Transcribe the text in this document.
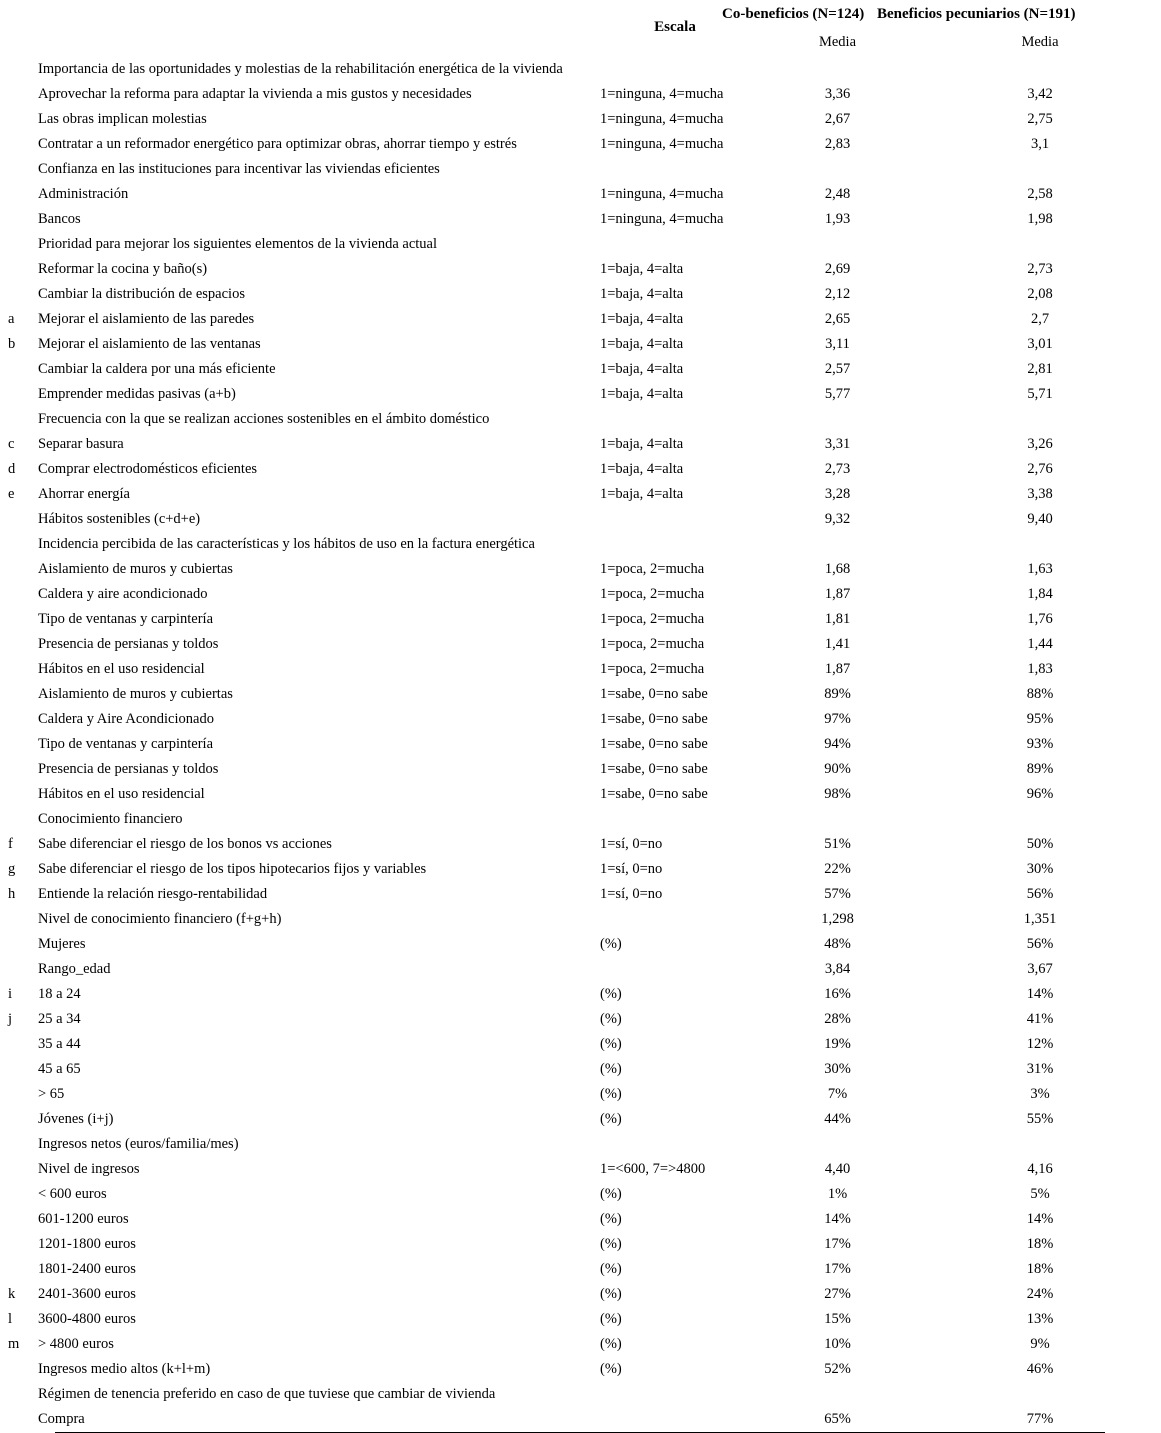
Escala
Co-beneficios (N=124) Beneficios pecuniarios (N=191)
Media	Media
Importancia de las oportunidades y molestias de la rehabilitación energética de la vivienda
Aprovechar la reforma para adaptar la vivienda a mis gustos y necesidades	1=ninguna, 4=mucha	3,36	3,42
Las obras implican molestias	1=ninguna, 4=mucha	2,67	2,75
Contratar a un reformador energético para optimizar obras, ahorrar tiempo y estrés	1=ninguna, 4=mucha	2,83	3,1
Confianza en las instituciones para incentivar las viviendas eficientes
Administración	1=ninguna, 4=mucha	2,48	2,58
Bancos	1=ninguna, 4=mucha	1,93	1,98
Prioridad para mejorar los siguientes elementos de la vivienda actual
Reformar la cocina y baño(s)	1=baja, 4=alta	2,69	2,73
Cambiar la distribución de espacios	1=baja, 4=alta	2,12	2,08
a	Mejorar el aislamiento de las paredes	1=baja, 4=alta	2,65	2,7
b	Mejorar el aislamiento de las ventanas	1=baja, 4=alta	3,11	3,01
Cambiar la caldera por una más eficiente	1=baja, 4=alta	2,57	2,81
Emprender medidas pasivas (a+b)	1=baja, 4=alta	5,77	5,71
Frecuencia con la que se realizan acciones sostenibles en el ámbito doméstico
c	Separar basura	1=baja, 4=alta	3,31	3,26
d	Comprar electrodomésticos eficientes	1=baja, 4=alta	2,73	2,76
e	Ahorrar energía	1=baja, 4=alta	3,28	3,38
Hábitos sostenibles (c+d+e)	9,32	9,40
Incidencia percibida de las características y los hábitos de uso en la factura energética
Aislamiento de muros y cubiertas	1=poca, 2=mucha	1,68	1,63
Caldera y aire acondicionado	1=poca, 2=mucha	1,87	1,84
Tipo de ventanas y carpintería	1=poca, 2=mucha	1,81	1,76
Presencia de persianas y toldos	1=poca, 2=mucha	1,41	1,44
Hábitos en el uso residencial	1=poca, 2=mucha	1,87	1,83
Aislamiento de muros y cubiertas	1=sabe, 0=no sabe	89%	88%
Caldera y Aire Acondicionado	1=sabe, 0=no sabe	97%	95%
Tipo de ventanas y carpintería	1=sabe, 0=no sabe	94%	93%
Presencia de persianas y toldos	1=sabe, 0=no sabe	90%	89%
Hábitos en el uso residencial	1=sabe, 0=no sabe	98%	96%
Conocimiento financiero
f	Sabe diferenciar el riesgo de los bonos vs acciones	1=sí, 0=no	51%	50%
g	Sabe diferenciar el riesgo de los tipos hipotecarios fijos y variables	1=sí, 0=no	22%	30%
h	Entiende la relación riesgo-rentabilidad	1=sí, 0=no	57%	56%
Nivel de conocimiento financiero (f+g+h)	1,298	1,351
Mujeres	(%)	48%	56%
Rango_edad	3,84	3,67
i	18 a 24	(%)	16%	14%
j	25 a 34	(%)	28%	41%
35 a 44	(%)	19%	12%
45 a 65	(%)	30%	31%
> 65	(%)	7%	3%
Jóvenes (i+j)	(%)	44%	55%
Ingresos netos (euros/familia/mes)
Nivel de ingresos	1=<600, 7=>4800	4,40	4,16
< 600 euros	(%)	1%	5%
601-1200 euros	(%)	14%	14%
1201-1800 euros	(%)	17%	18%
1801-2400 euros	(%)	17%	18%
k	2401-3600 euros	(%)	27%	24%
l	3600-4800 euros	(%)	15%	13%
m	> 4800 euros	(%)	10%	9%
Ingresos medio altos (k+l+m)	(%)	52%	46%
Régimen de tenencia preferido en caso de que tuviese que cambiar de vivienda
Compra	65%	77%
